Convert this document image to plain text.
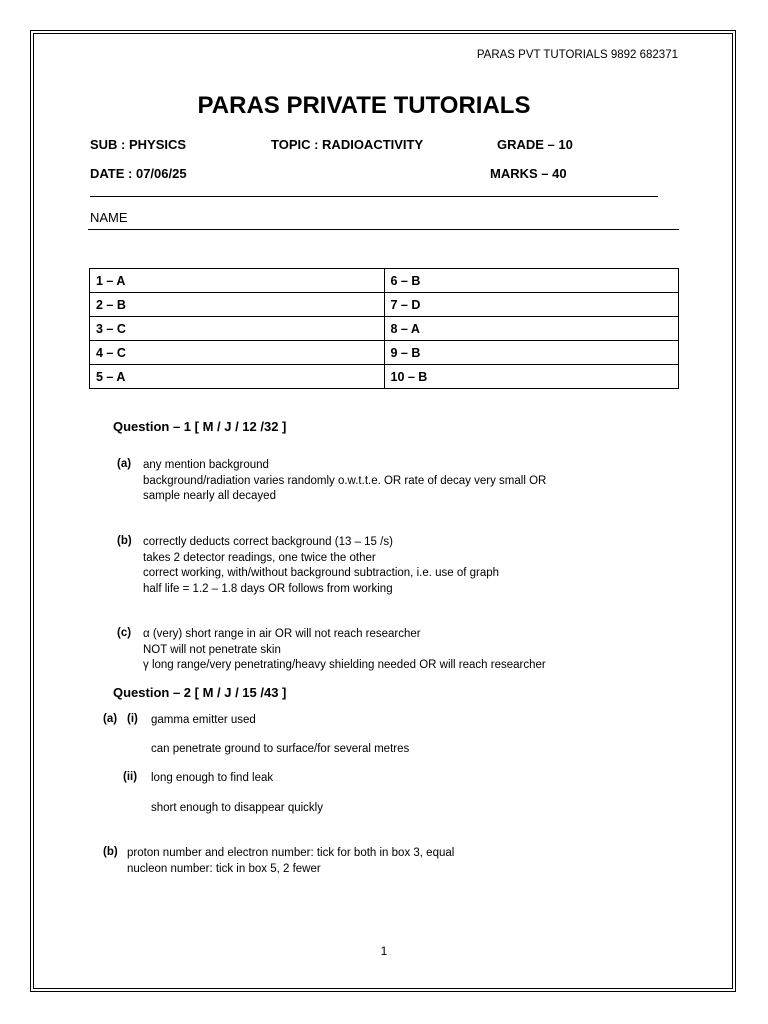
PARAS PVT TUTORIALS 9892 682371
PARAS PRIVATE TUTORIALS
SUB : PHYSICS	TOPIC : RADIOACTIVITY	GRADE – 10
DATE : 07/06/25	MARKS – 40
NAME
1 – A	6 – B
2 – B	7 – D
3 – C	8 – A
4 – C	9 – B
5 – A	10 – B
Question – 1 [ M / J / 12 /32 ]
(a) any mention background
background/radiation varies randomly o.w.t.t.e. OR rate of decay very small OR
sample nearly all decayed
(b) correctly deducts correct background (13 – 15 /s)
takes 2 detector readings, one twice the other
correct working, with/without background subtraction, i.e. use of graph
half life = 1.2 – 1.8 days OR follows from working
(c) α (very) short range in air OR will not reach researcher
NOT will not penetrate skin
γ long range/very penetrating/heavy shielding needed OR will reach researcher
Question – 2 [ M / J / 15 /43 ]
(a) (i) gamma emitter used
can penetrate ground to surface/for several metres
(ii) long enough to find leak
short enough to disappear quickly
(b) proton number and electron number: tick for both in box 3, equal
nucleon number: tick in box 5, 2 fewer
1
